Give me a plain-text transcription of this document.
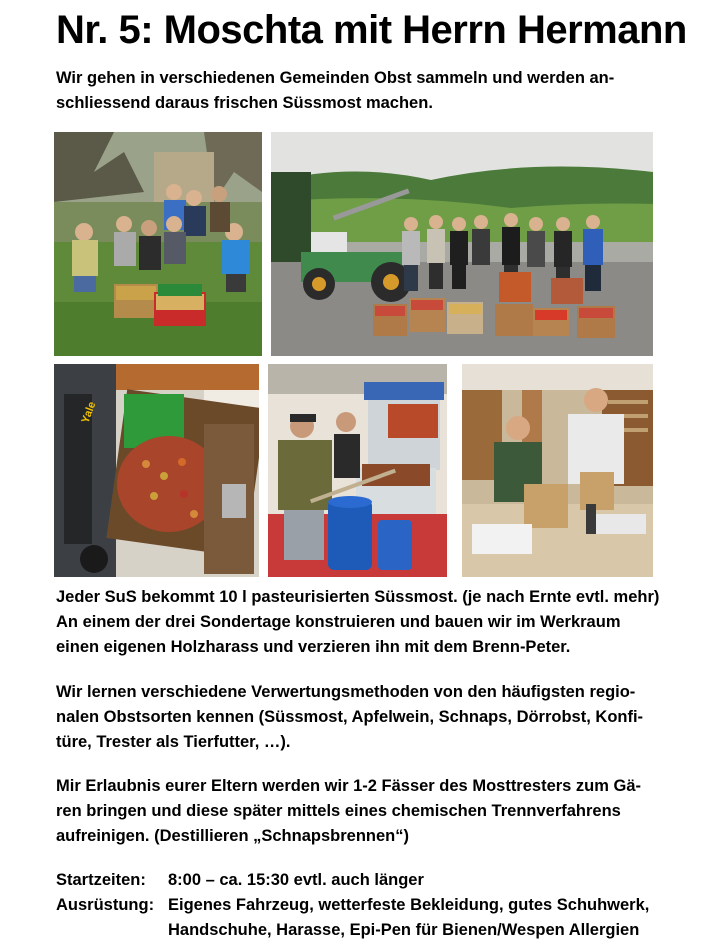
Nr. 5: Moschta mit Herrn Hermann
Wir gehen in verschiedenen Gemeinden Obst sammeln und werden an-
schliessend daraus frischen Süssmost machen.
Yale
Jeder SuS bekommt 10 l pasteurisierten Süssmost. (je nach Ernte evtl. mehr)
An einem der drei Sondertage konstruieren und bauen wir im Werkraum
einen eigenen Holzharass und verzieren ihn mit dem Brenn-Peter.
Wir lernen verschiedene Verwertungsmethoden von den häufigsten regio-
nalen Obstsorten kennen (Süssmost, Apfelwein, Schnaps, Dörrobst, Konfi-
türe, Trester als Tierfutter, …).
Mir Erlaubnis eurer Eltern werden wir 1-2 Fässer des Mosttresters zum Gä-
ren bringen und diese später mittels eines chemischen Trennverfahrens
aufreinigen. (Destillieren „Schnapsbrennen“)
Startzeiten:	8:00 – ca. 15:30 evtl. auch länger
Ausrüstung: Eigenes Fahrzeug, wetterfeste Bekleidung, gutes Schuhwerk,
Handschuhe, Harasse, Epi-Pen für Bienen/Wespen Allergien
